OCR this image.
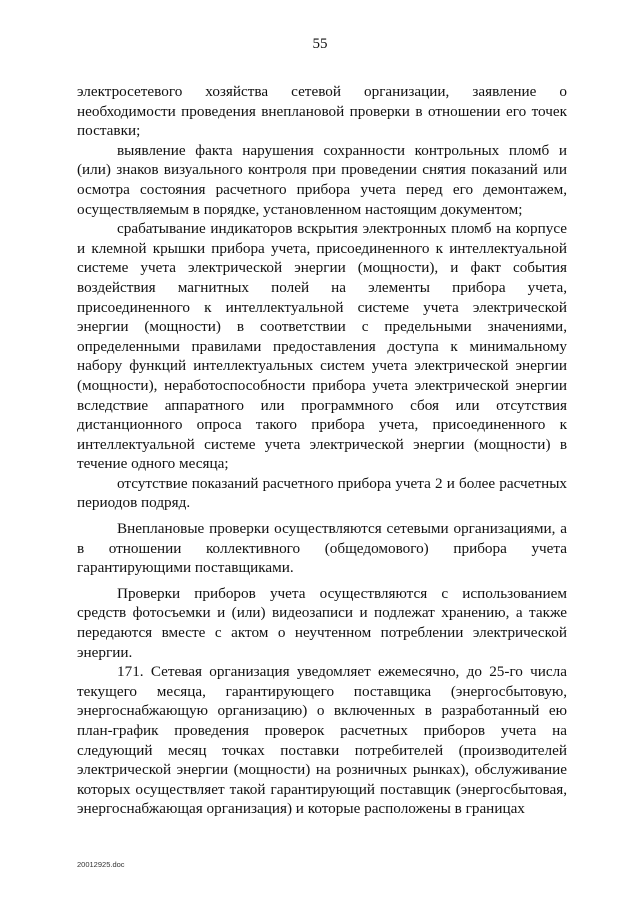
55

электросетевого хозяйства сетевой организации, заявление о необходимости проведения внеплановой проверки в отношении его точек поставки;

выявление факта нарушения сохранности контрольных пломб и (или) знаков визуального контроля при проведении снятия показаний или осмотра состояния расчетного прибора учета перед его демонтажем, осуществляемым в порядке, установленном настоящим документом;

срабатывание индикаторов вскрытия электронных пломб на корпусе и клемной крышки прибора учета, присоединенного к интеллектуальной системе учета электрической энергии (мощности), и факт события воздействия магнитных полей на элементы прибора учета, присоединенного к интеллектуальной системе учета электрической энергии (мощности) в соответствии с предельными значениями, определенными правилами предоставления доступа к минимальному набору функций интеллектуальных систем учета электрической энергии (мощности), неработоспособности прибора учета электрической энергии вследствие аппаратного или программного сбоя или отсутствия дистанционного опроса такого прибора учета, присоединенного к интеллектуальной системе учета электрической энергии (мощности) в течение одного месяца;

отсутствие показаний расчетного прибора учета 2 и более расчетных периодов подряд.

Внеплановые проверки осуществляются сетевыми организациями, а в отношении коллективного (общедомового) прибора учета гарантирующими поставщиками.

Проверки приборов учета осуществляются с использованием средств фотосъемки и (или) видеозаписи и подлежат хранению, а также передаются вместе с актом о неучтенном потреблении электрической энергии.

171. Сетевая организация уведомляет ежемесячно, до 25-го числа текущего месяца, гарантирующего поставщика (энергосбытовую, энергоснабжающую организацию) о включенных в разработанный ею план-график проведения проверок расчетных приборов учета на следующий месяц точках поставки потребителей (производителей электрической энергии (мощности) на розничных рынках), обслуживание которых осуществляет такой гарантирующий поставщик (энергосбытовая, энергоснабжающая организация) и которые расположены в границах

20012925.doc
